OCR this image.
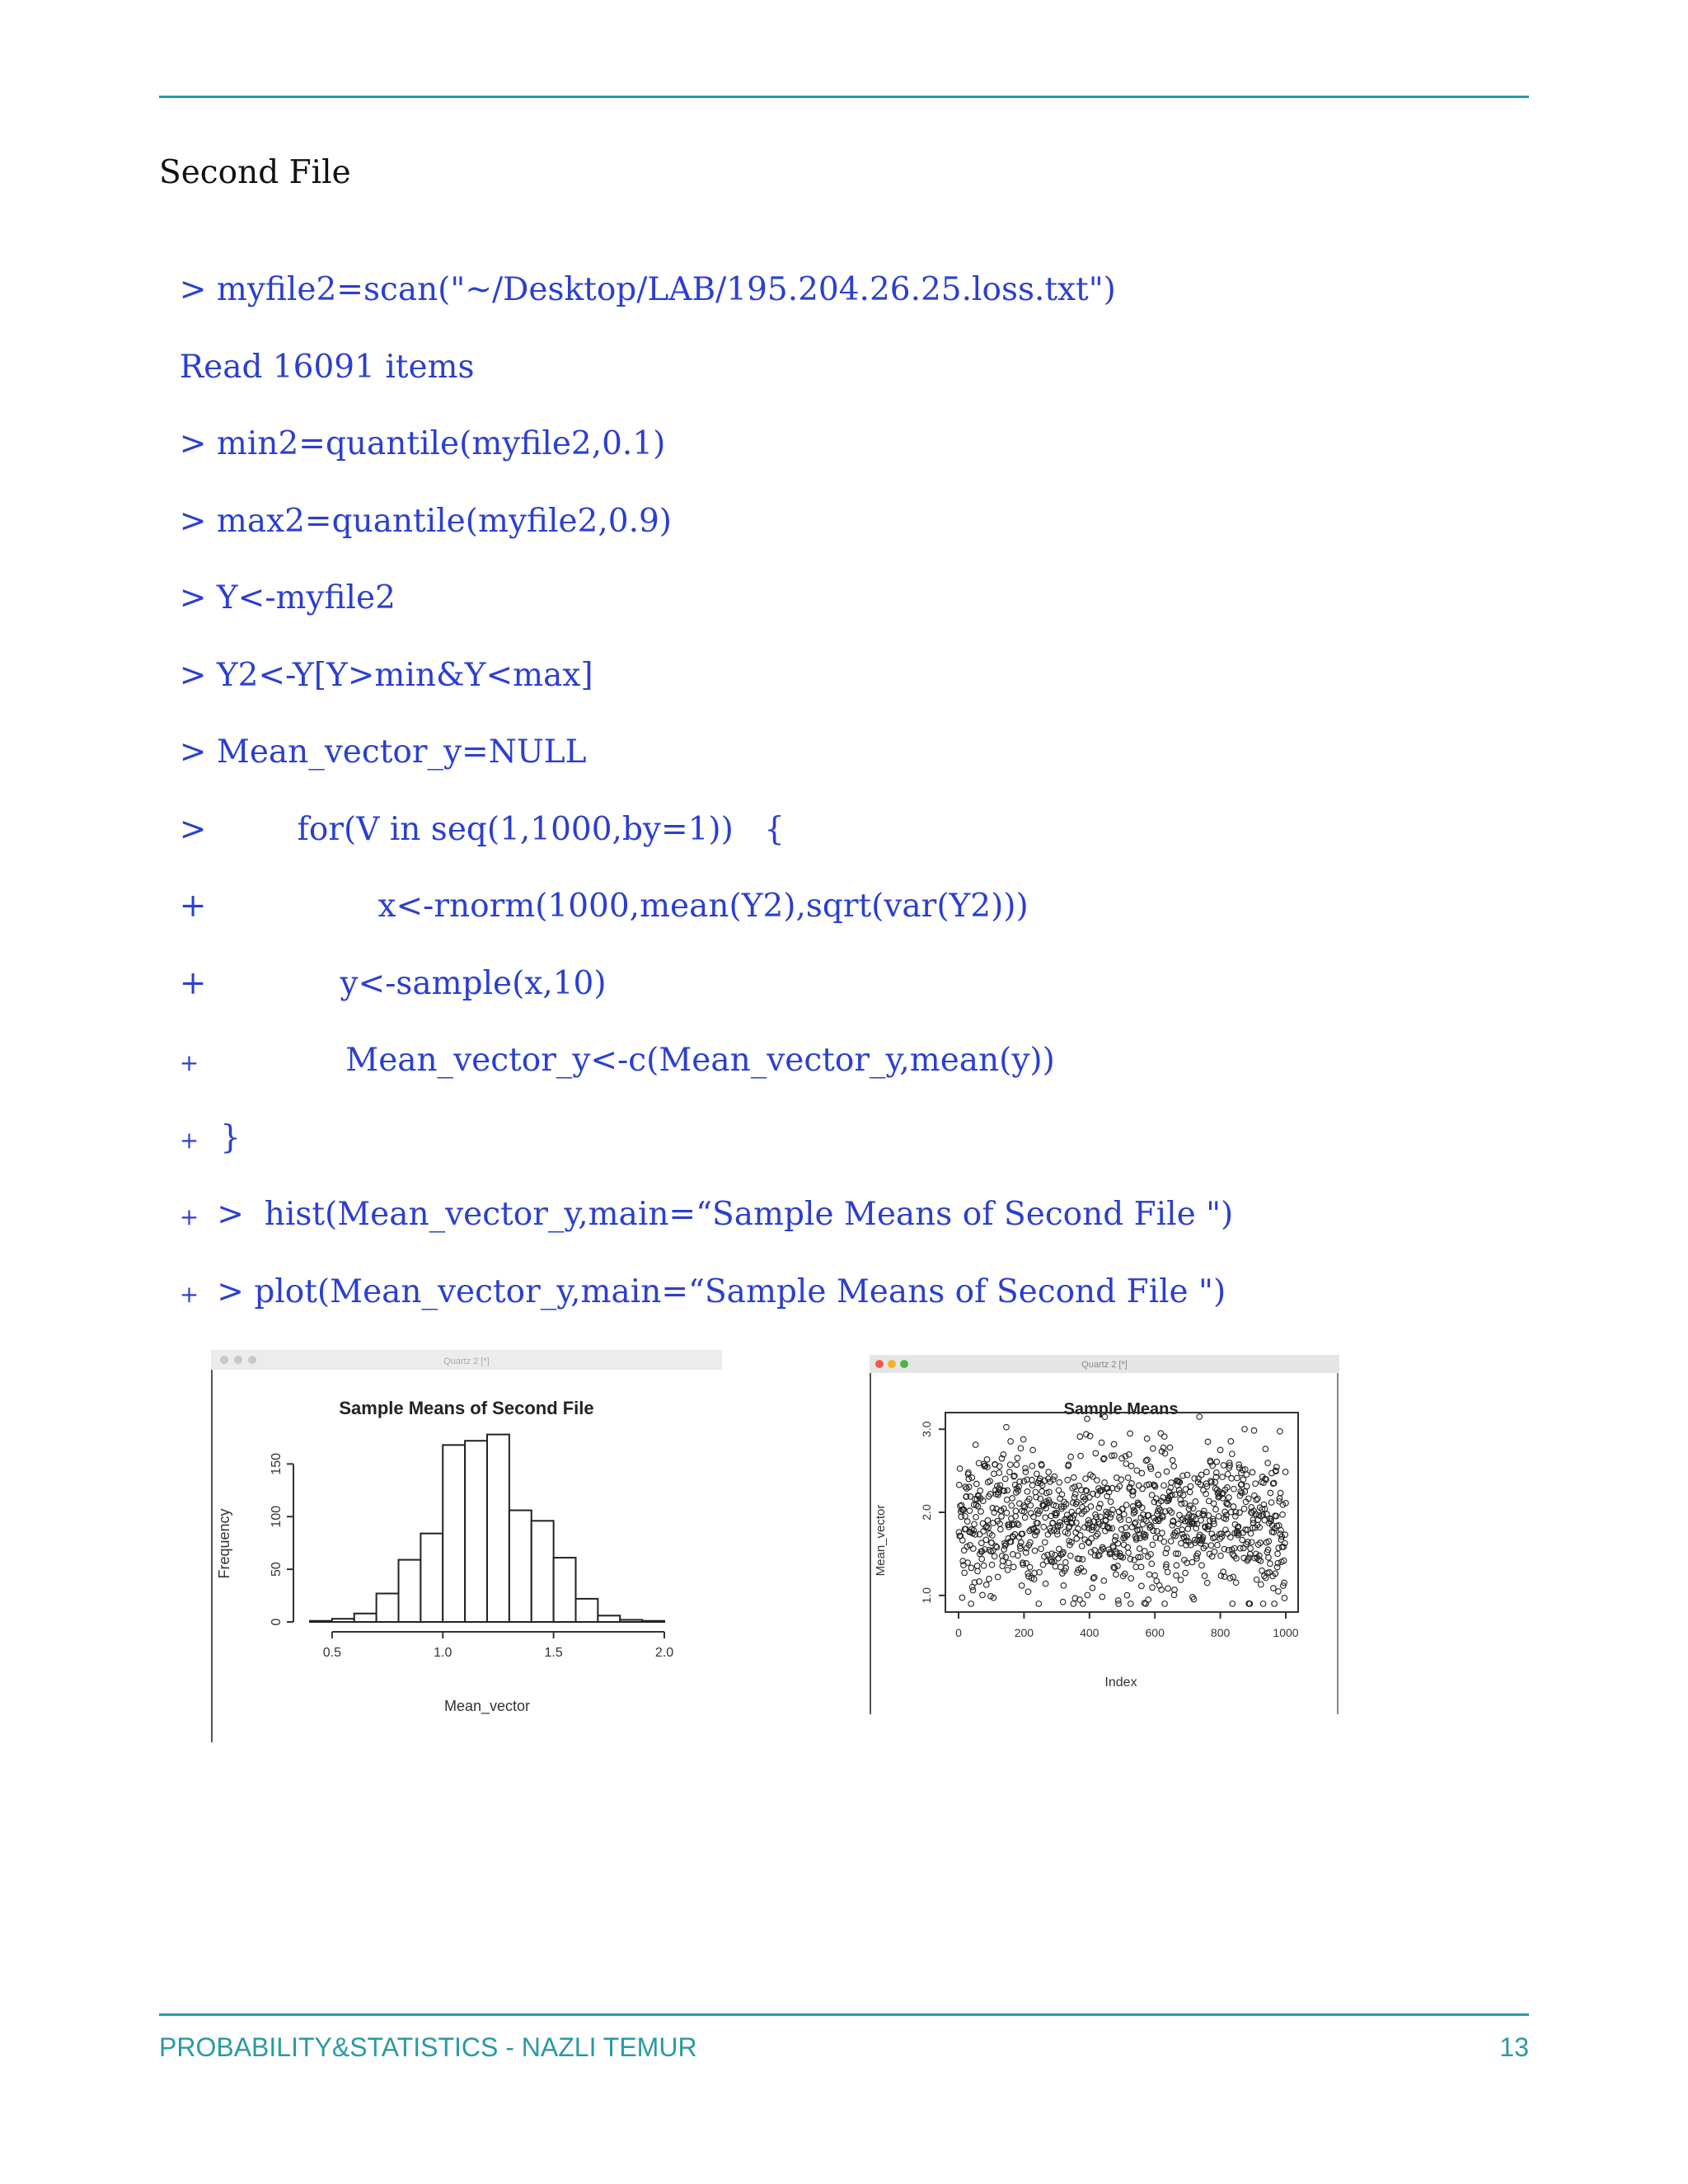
Second File

> myfile2=scan("~/Desktop/LAB/195.204.26.25.loss.txt")

Read 16091 items

> min2=quantile(myfile2,0.1)

> max2=quantile(myfile2,0.9)

> Y<-myfile2

> Y2<-Y[Y>min&Y<max]

> Mean_vector_y=NULL

>	for(V in seq(1,1000,by=1))   {

+	x<-rnorm(1000,mean(Y2),sqrt(var(Y2)))

+	y<-sample(x,10)

+	Mean_vector_y<-c(Mean_vector_y,mean(y))

+ }

+ >  hist(Mean_vector_y,main=“Sample Means of Second File ")

+ > plot(Mean_vector_y,main=“Sample Means of Second File ")

Quartz 2 [*]
Sample Means of Second File
Mean_vector
Frequency
0.5	1.0	1.5	2.0
0
50
100
150
Quartz 2 [*]
Sample Means
Index
Mean_vector
0	200	400	600	800	1000
1.0
2.0
3.0
PROBABILITY&STATISTICS - NAZLI TEMUR	13
